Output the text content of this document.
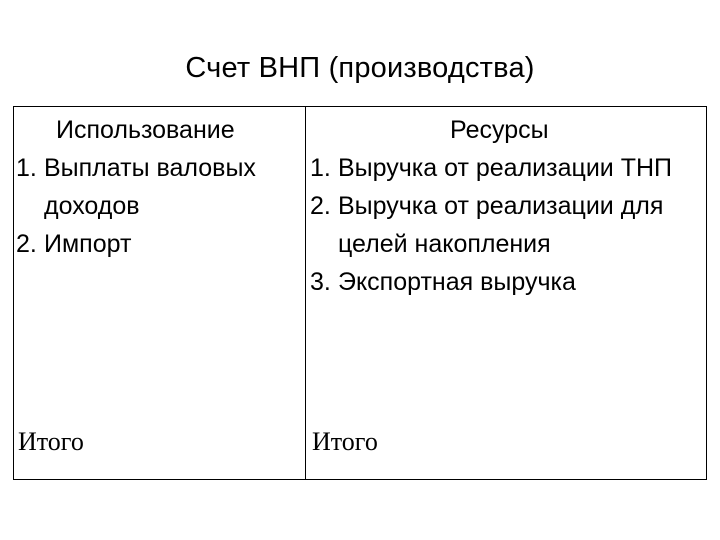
Счет ВНП (производства)
Использование
1. Выплаты валовых доходов
2. Импорт
Итого
Ресурсы
1. Выручка от реализации ТНП
2. Выручка от реализации для целей накопления
3. Экспортная выручка
Итого
